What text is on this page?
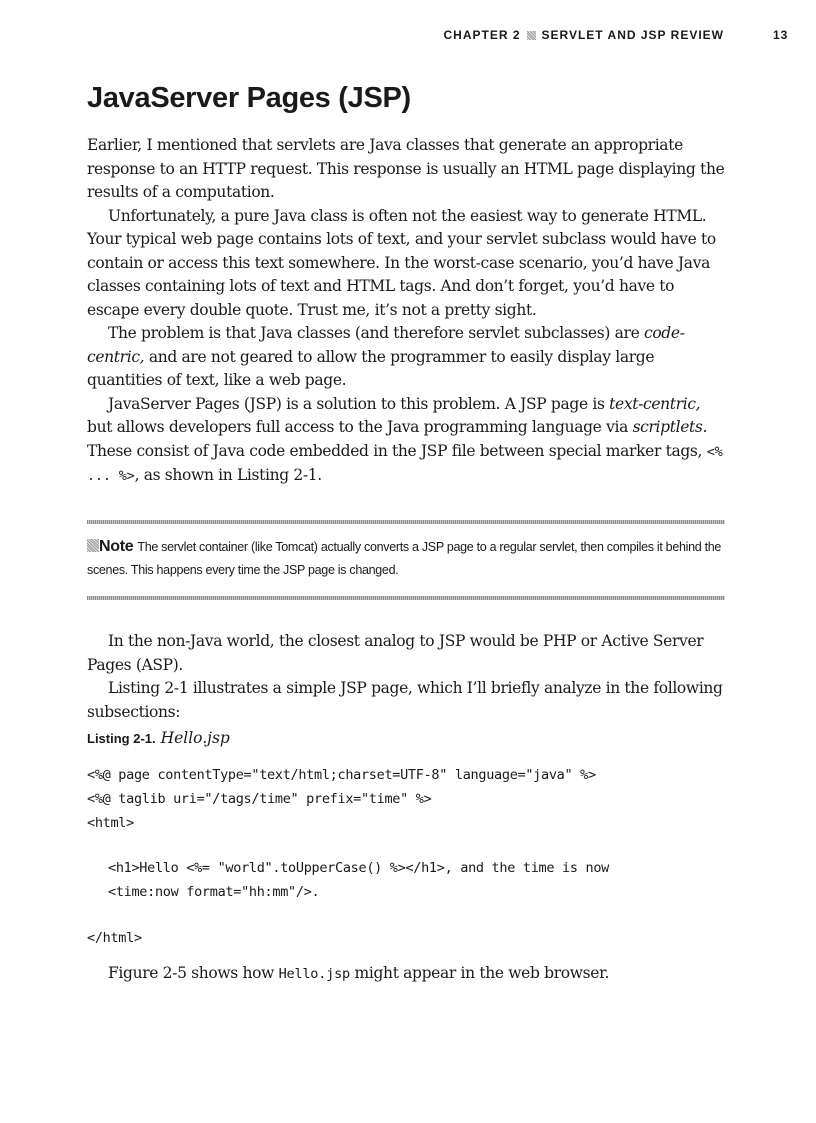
CHAPTER 2 SERVLET AND JSP REVIEW	13
JavaServer Pages (JSP)

Earlier, I mentioned that servlets are Java classes that generate an appropriate response to an HTTP request. This response is usually an HTML page displaying the results of a computation.

Unfortunately, a pure Java class is often not the easiest way to generate HTML. Your typical web page contains lots of text, and your servlet subclass would have to contain or access this text somewhere. In the worst-case scenario, you’d have Java classes containing lots of text and HTML tags. And don’t forget, you’d have to escape every double quote. Trust me, it’s not a pretty sight.

The problem is that Java classes (and therefore servlet subclasses) are code-centric, and are not geared to allow the programmer to easily display large quantities of text, like a web page.

JavaServer Pages (JSP) is a solution to this problem. A JSP page is text-centric, but allows developers full access to the Java programming language via scriptlets. These consist of Java code embedded in the JSP file between special marker tags, <% ... %>, as shown in Listing 2-1.

Note The servlet container (like Tomcat) actually converts a JSP page to a regular servlet, then compiles it behind the scenes. This happens every time the JSP page is changed.

In the non-Java world, the closest analog to JSP would be PHP or Active Server Pages (ASP).

Listing 2-1 illustrates a simple JSP page, which I’ll briefly analyze in the following subsections:

Listing 2-1. Hello.jsp
<%@ page contentType="text/html;charset=UTF-8" language="java" %>
<%@ taglib uri="/tags/time" prefix="time" %>
<html>
<h1>Hello <%= "world".toUpperCase() %></h1>, and the time is now
<time:now format="hh:mm"/>.
</html>

Figure 2-5 shows how Hello.jsp might appear in the web browser.
